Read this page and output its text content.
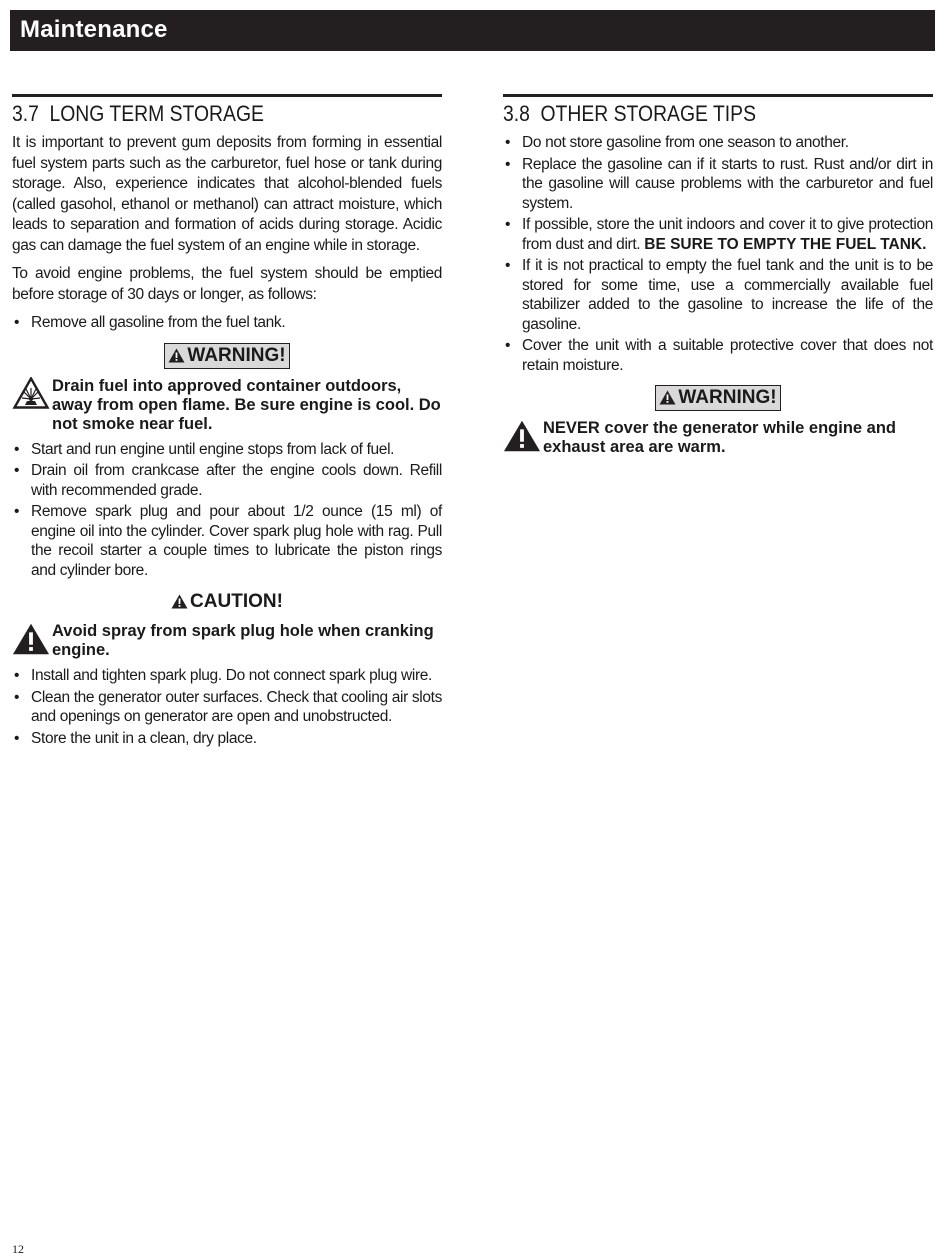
Maintenance
3.7 LONG TERM STORAGE

It is important to prevent gum deposits from forming in essential fuel system parts such as the carburetor, fuel hose or tank during storage. Also, experience indicates that alcohol-blended fuels (called gasohol, ethanol or methanol) can attract moisture, which leads to separation and formation of acids during storage. Acidic gas can damage the fuel system of an engine while in storage.

To avoid engine problems, the fuel system should be emptied before storage of 30 days or longer, as follows:

• Remove all gasoline from the fuel tank.
WARNING!
Drain fuel into approved container outdoors, away from open flame. Be sure engine is cool. Do not smoke near fuel.
• Start and run engine until engine stops from lack of fuel.
• Drain oil from crankcase after the engine cools down. Refill with recommended grade.
• Remove spark plug and pour about 1/2 ounce (15 ml) of engine oil into the cylinder. Cover spark plug hole with rag. Pull the recoil starter a couple times to lubricate the piston rings and cylinder bore.
CAUTION!
Avoid spray from spark plug hole when cranking engine.
• Install and tighten spark plug. Do not connect spark plug wire.
• Clean the generator outer surfaces. Check that cooling air slots and openings on generator are open and unobstructed.
• Store the unit in a clean, dry place.
3.8 OTHER STORAGE TIPS
• Do not store gasoline from one season to another.
• Replace the gasoline can if it starts to rust. Rust and/or dirt in the gasoline will cause problems with the carburetor and fuel system.
• If possible, store the unit indoors and cover it to give protection from dust and dirt. BE SURE TO EMPTY THE FUEL TANK.
• If it is not practical to empty the fuel tank and the unit is to be stored for some time, use a commercially available fuel stabilizer added to the gasoline to increase the life of the gasoline.
• Cover the unit with a suitable protective cover that does not retain moisture.
WARNING!
NEVER cover the generator while engine and exhaust area are warm.
12
